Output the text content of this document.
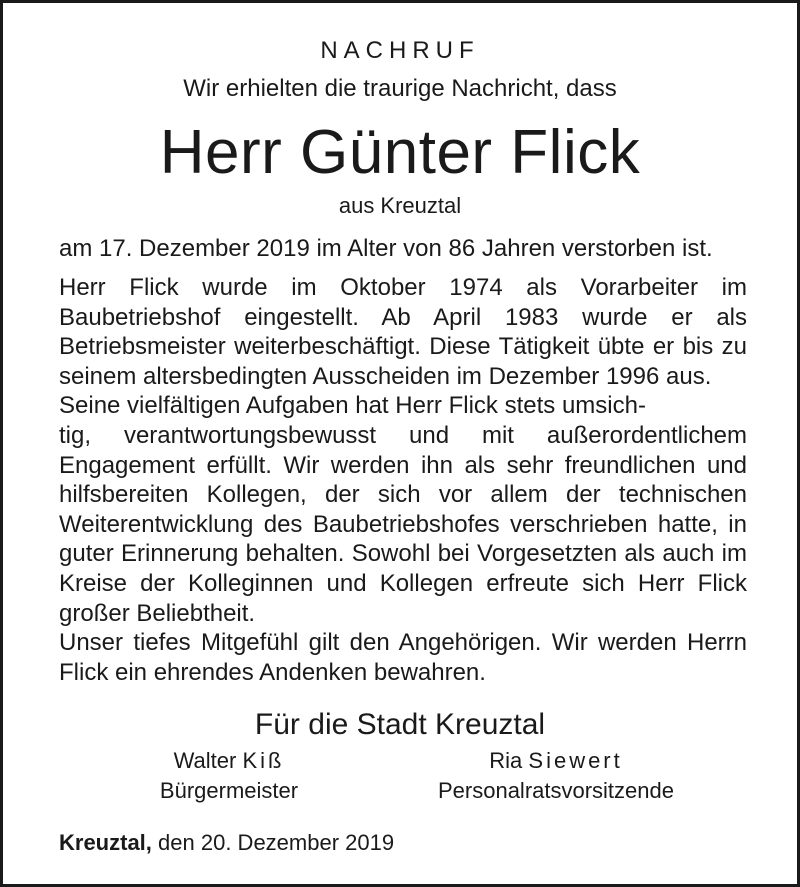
NACHRUF
Wir erhielten die traurige Nachricht, dass
Herr Günter Flick
aus Kreuztal
am 17. Dezember 2019 im Alter von 86 Jahren verstorben ist.

Herr Flick wurde im Oktober 1974 als Vorarbeiter im Baubetriebshof eingestellt. Ab April 1983 wurde er als Betriebsmeister weiterbeschäftigt. Diese Tätigkeit übte er bis zu seinem altersbedingten Ausscheiden im Dezember 1996 aus.

Seine vielfältigen Aufgaben hat Herr Flick stets umsich-
tig, verantwortungsbewusst und mit außerordentlichem Engagement erfüllt. Wir werden ihn als sehr freundlichen und hilfsbereiten Kollegen, der sich vor allem der technischen Weiterentwicklung des Baubetriebshofes verschrieben hatte, in guter Erinnerung behalten. Sowohl bei Vorgesetzten als auch im Kreise der Kolleginnen und Kollegen erfreute sich Herr Flick großer Beliebtheit.

Unser tiefes Mitgefühl gilt den Angehörigen. Wir werden Herrn Flick ein ehrendes Andenken bewahren.

Für die Stadt Kreuztal
Walter Kiß
Bürgermeister
Ria Siewert
Personalratsvorsitzende
Kreuztal, den 20. Dezember 2019
